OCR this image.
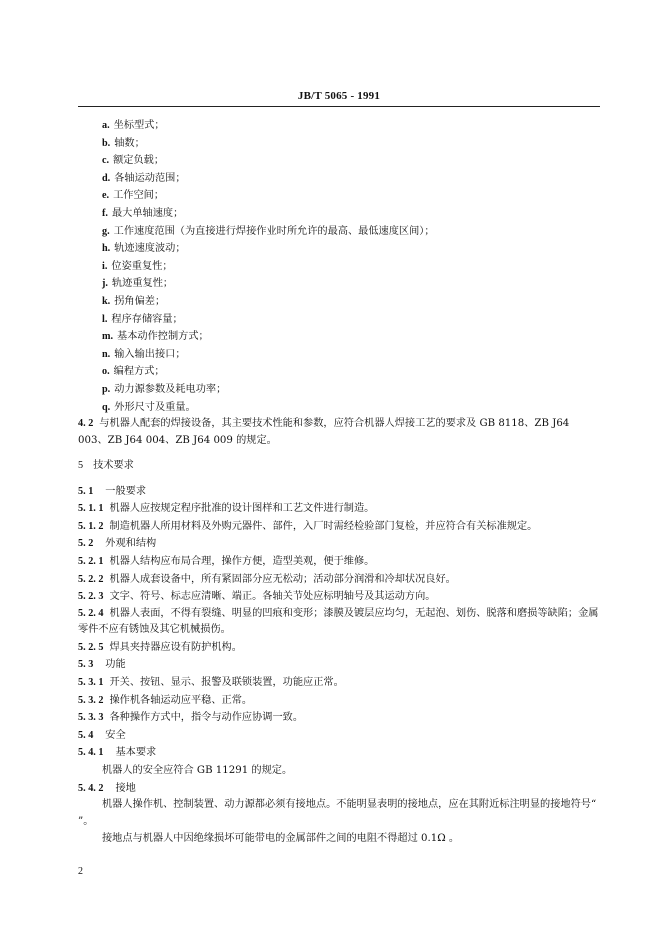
JB/T 5065 - 1991
a. 坐标型式；
b. 轴数；
c. 额定负载；
d. 各轴运动范围；
e. 工作空间；
f. 最大单轴速度；
g. 工作速度范围（为直接进行焊接作业时所允许的最高、最低速度区间）；
h. 轨迹速度波动；
i. 位姿重复性；
j. 轨迹重复性；
k. 拐角偏差；
l. 程序存储容量；
m. 基本动作控制方式；
n. 输入输出接口；
o. 编程方式；
p. 动力源参数及耗电功率；
q. 外形尺寸及重量。
4. 2 与机器人配套的焊接设备，其主要技术性能和参数，应符合机器人焊接工艺的要求及 GB 8118、ZB J64 003、ZB J64 004、ZB J64 009 的规定。
5 技术要求
5. 1 一般要求
5. 1. 1 机器人应按规定程序批准的设计图样和工艺文件进行制造。
5. 1. 2 制造机器人所用材料及外购元器件、部件，入厂时需经检验部门复检，并应符合有关标准规定。
5. 2 外观和结构
5. 2. 1 机器人结构应布局合理，操作方便，造型美观，便于维修。
5. 2. 2 机器人成套设备中，所有紧固部分应无松动；活动部分润滑和冷却状况良好。
5. 2. 3 文字、符号、标志应清晰、端正。各轴关节处应标明轴号及其运动方向。
5. 2. 4 机器人表面，不得有裂缝、明显的凹痕和变形；漆膜及镀层应均匀，无起泡、划伤、脱落和磨损等缺陷；金属零件不应有锈蚀及其它机械损伤。
5. 2. 5 焊具夹持器应设有防护机构。
5. 3 功能
5. 3. 1 开关、按钮、显示、报警及联锁装置，功能应正常。
5. 3. 2 操作机各轴运动应平稳、正常。
5. 3. 3 各种操作方式中，指令与动作应协调一致。
5. 4 安全
5. 4. 1 基本要求
机器人的安全应符合 GB 11291 的规定。
5. 4. 2 接地
机器人操作机、控制装置、动力源都必须有接地点。不能明显表明的接地点，应在其附近标注明显的接地符号“ ”。
接地点与机器人中因绝缘损坏可能带电的金属部件之间的电阻不得超过 0.1Ω 。
2
